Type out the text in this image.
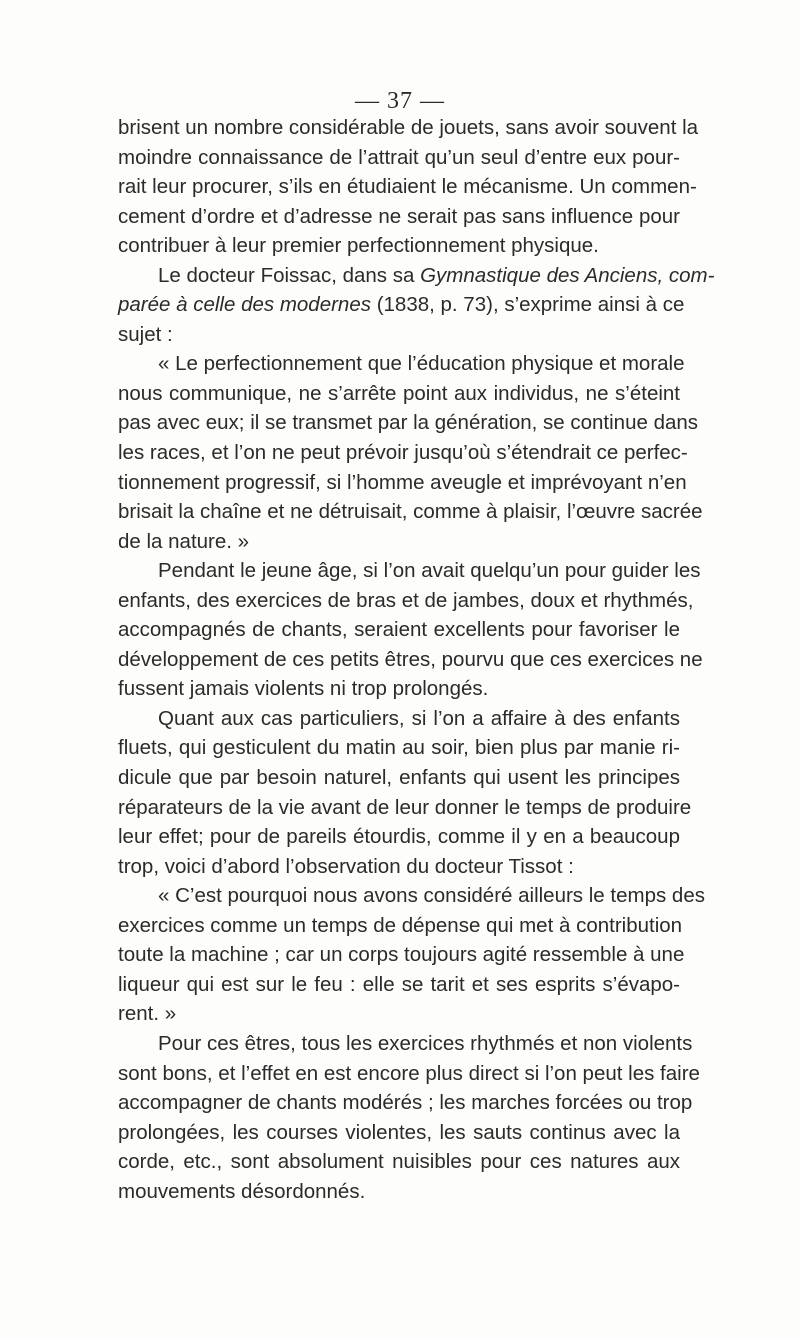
— 37 —
brisent un nombre considérable de jouets, sans avoir souvent la
moindre connaissance de l’attrait qu’un seul d’entre eux pour-
rait leur procurer, s’ils en étudiaient le mécanisme. Un commen-
cement d’ordre et d’adresse ne serait pas sans influence pour
contribuer à leur premier perfectionnement physique.
Le docteur Foissac, dans sa Gymnastique des Anciens, com-
parée à celle des modernes (1838, p. 73), s’exprime ainsi à ce
sujet :
« Le perfectionnement que l’éducation physique et morale
nous communique, ne s’arrête point aux individus, ne s’éteint
pas avec eux; il se transmet par la génération, se continue dans
les races, et l’on ne peut prévoir jusqu’où s’étendrait ce perfec-
tionnement progressif, si l’homme aveugle et imprévoyant n’en
brisait la chaîne et ne détruisait, comme à plaisir, l’œuvre sacrée
de la nature. »
Pendant le jeune âge, si l’on avait quelqu’un pour guider les
enfants, des exercices de bras et de jambes, doux et rhythmés,
accompagnés de chants, seraient excellents pour favoriser le
développement de ces petits êtres, pourvu que ces exercices ne
fussent jamais violents ni trop prolongés.
Quant aux cas particuliers, si l’on a affaire à des enfants
fluets, qui gesticulent du matin au soir, bien plus par manie ri-
dicule que par besoin naturel, enfants qui usent les principes
réparateurs de la vie avant de leur donner le temps de produire
leur effet; pour de pareils étourdis, comme il y en a beaucoup
trop, voici d’abord l’observation du docteur Tissot :
« C’est pourquoi nous avons considéré ailleurs le temps des
exercices comme un temps de dépense qui met à contribution
toute la machine ; car un corps toujours agité ressemble à une
liqueur qui est sur le feu : elle se tarit et ses esprits s’évapo-
rent. »
Pour ces êtres, tous les exercices rhythmés et non violents
sont bons, et l’effet en est encore plus direct si l’on peut les faire
accompagner de chants modérés ; les marches forcées ou trop
prolongées, les courses violentes, les sauts continus avec la
corde, etc., sont absolument nuisibles pour ces natures aux
mouvements désordonnés.
